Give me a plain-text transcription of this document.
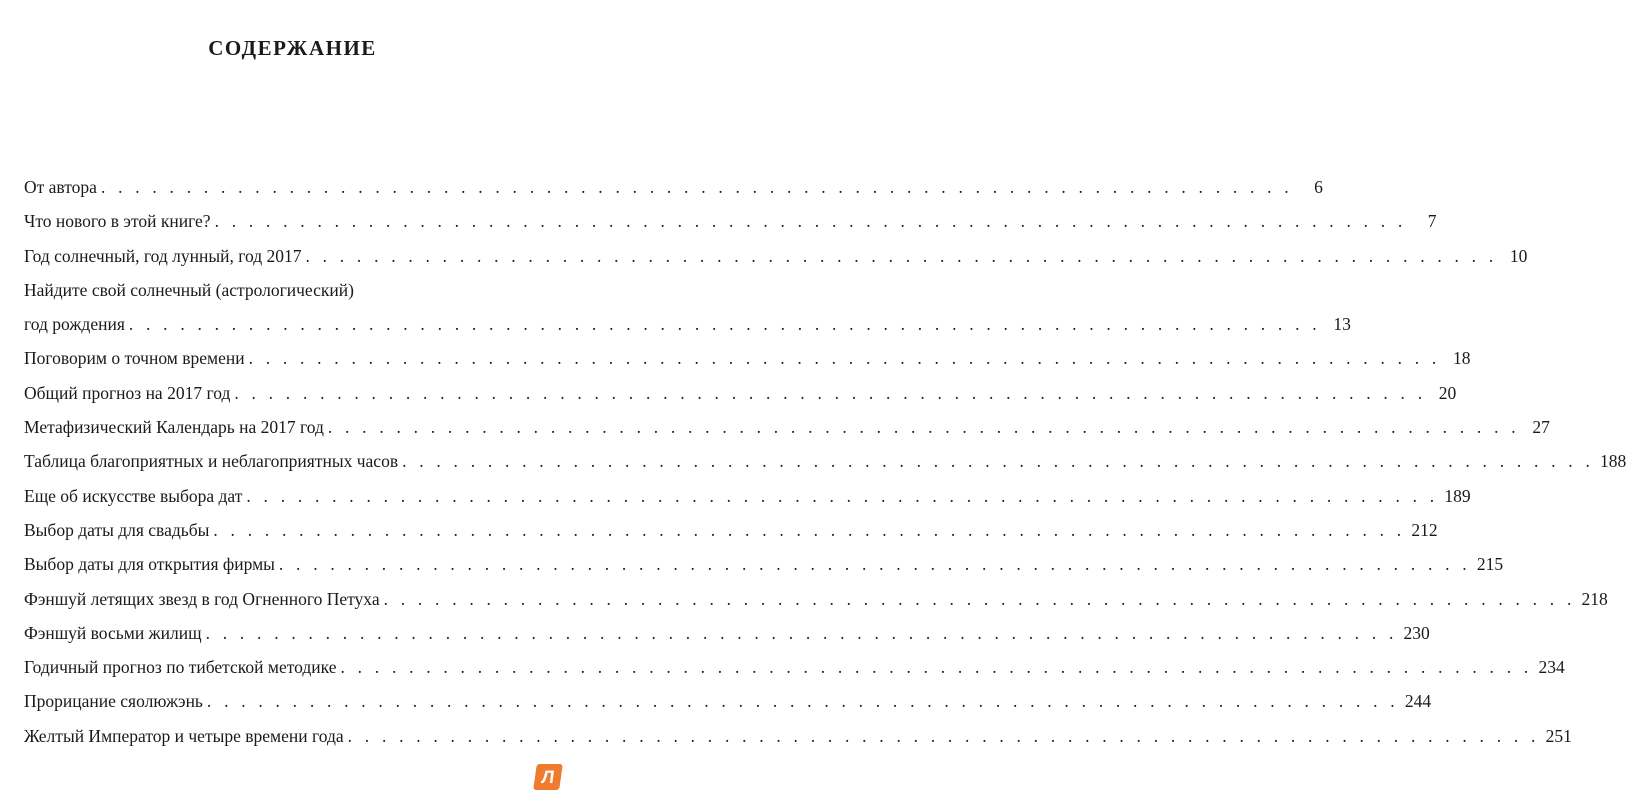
СОДЕРЖАНИЕ
От автора . . . . . . . . . . . . . . . . . . . . . . . . . . . . . . . . . . . . . . . . . . . . . . . . . . . . . . . . . . . . . . . . . . . . . .	6
Что нового в этой книге? . . . . . . . . . . . . . . . . . . . . . . . . . . . . . . . . . . . . . . . . . . . . . . . . . . . . . . . . . . . . . . . . . . . . . .	7
Год солнечный, год лунный, год 2017 . . . . . . . . . . . . . . . . . . . . . . . . . . . . . . . . . . . . . . . . . . . . . . . . . . . . . . . . . . . . . . . . . . . . . . 10
Найдите свой солнечный (астрологический)
год рождения . . . . . . . . . . . . . . . . . . . . . . . . . . . . . . . . . . . . . . . . . . . . . . . . . . . . . . . . . . . . . . . . . . . . . . 13
Поговорим о точном времени . . . . . . . . . . . . . . . . . . . . . . . . . . . . . . . . . . . . . . . . . . . . . . . . . . . . . . . . . . . . . . . . . . . . . . 18
Общий прогноз на 2017 год . . . . . . . . . . . . . . . . . . . . . . . . . . . . . . . . . . . . . . . . . . . . . . . . . . . . . . . . . . . . . . . . . . . . . . 20
Метафизический Календарь на 2017 год . . . . . . . . . . . . . . . . . . . . . . . . . . . . . . . . . . . . . . . . . . . . . . . . . . . . . . . . . . . . . . . . . . . . . . 27
Таблица благоприятных и неблагоприятных часов . . . . . . . . . . . . . . . . . . . . . . . . . . . . . . . . . . . . . . . . . . . . . . . . . . . . . . . . . . . . . . . . . . . . . . 188
Еще об искусстве выбора дат . . . . . . . . . . . . . . . . . . . . . . . . . . . . . . . . . . . . . . . . . . . . . . . . . . . . . . . . . . . . . . . . . . . . . . 189
Выбор даты для свадьбы . . . . . . . . . . . . . . . . . . . . . . . . . . . . . . . . . . . . . . . . . . . . . . . . . . . . . . . . . . . . . . . . . . . . . . 212
Выбор даты для открытия фирмы . . . . . . . . . . . . . . . . . . . . . . . . . . . . . . . . . . . . . . . . . . . . . . . . . . . . . . . . . . . . . . . . . . . . . . 215
Фэншуй летящих звезд в год Огненного Петуха . . . . . . . . . . . . . . . . . . . . . . . . . . . . . . . . . . . . . . . . . . . . . . . . . . . . . . . . . . . . . . . . . . . . . . 218
Фэншуй восьми жилищ . . . . . . . . . . . . . . . . . . . . . . . . . . . . . . . . . . . . . . . . . . . . . . . . . . . . . . . . . . . . . . . . . . . . . . 230
Годичный прогноз по тибетской методике . . . . . . . . . . . . . . . . . . . . . . . . . . . . . . . . . . . . . . . . . . . . . . . . . . . . . . . . . . . . . . . . . . . . . . 234
Прорицание сяолюжэнь . . . . . . . . . . . . . . . . . . . . . . . . . . . . . . . . . . . . . . . . . . . . . . . . . . . . . . . . . . . . . . . . . . . . . . 244
Желтый Император и четыре времени года . . . . . . . . . . . . . . . . . . . . . . . . . . . . . . . . . . . . . . . . . . . . . . . . . . . . . . . . . . . . . . . . . . . . . . 251
Л
